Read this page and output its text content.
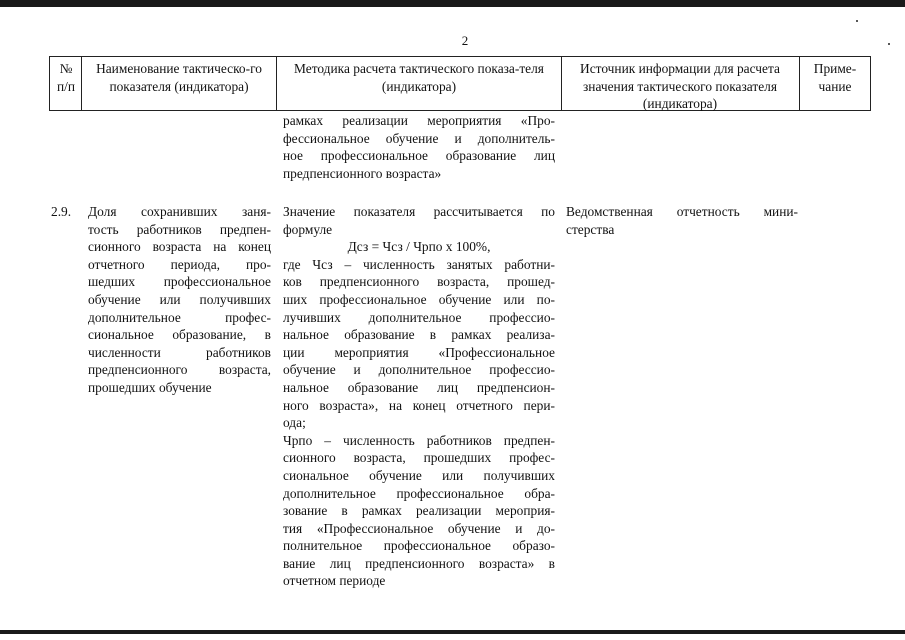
2
№ п/п
Наименование тактическо-го показателя (индикатора)
Методика расчета тактического показа-теля (индикатора)
Источник информации для расчета значения тактического показателя (индикатора)
Приме-чание
рамках реализации мероприятия «Про-
фессиональное обучение и дополнитель-
ное профессиональное образование лиц
предпенсионного возраста»
2.9. Доля сохранивших заня-
тость работников предпен-
сионного возраста на конец
отчетного периода, про-
шедших профессиональное
обучение или получивших
дополнительное профес-
сиональное образование, в
численности работников
предпенсионного возраста,
прошедших обучение
Значение показателя рассчитывается по
формуле
Дсз = Чсз / Чрпо х 100%,
где Чсз – численность занятых работни-
ков предпенсионного возраста, прошед-
ших профессиональное обучение или по-
лучивших дополнительное профессио-
нальное образование в рамках реализа-
ции мероприятия «Профессиональное
обучение и дополнительное профессио-
нальное образование лиц предпенсион-
ного возраста», на конец отчетного пери-
ода;
Чрпо – численность работников предпен-
сионного возраста, прошедших профес-
сиональное обучение или получивших
дополнительное профессиональное обра-
зование в рамках реализации мероприя-
тия «Профессиональное обучение и до-
полнительное профессиональное образо-
вание лиц предпенсионного возраста» в
отчетном периоде
Ведомственная отчетность мини-
стерства
